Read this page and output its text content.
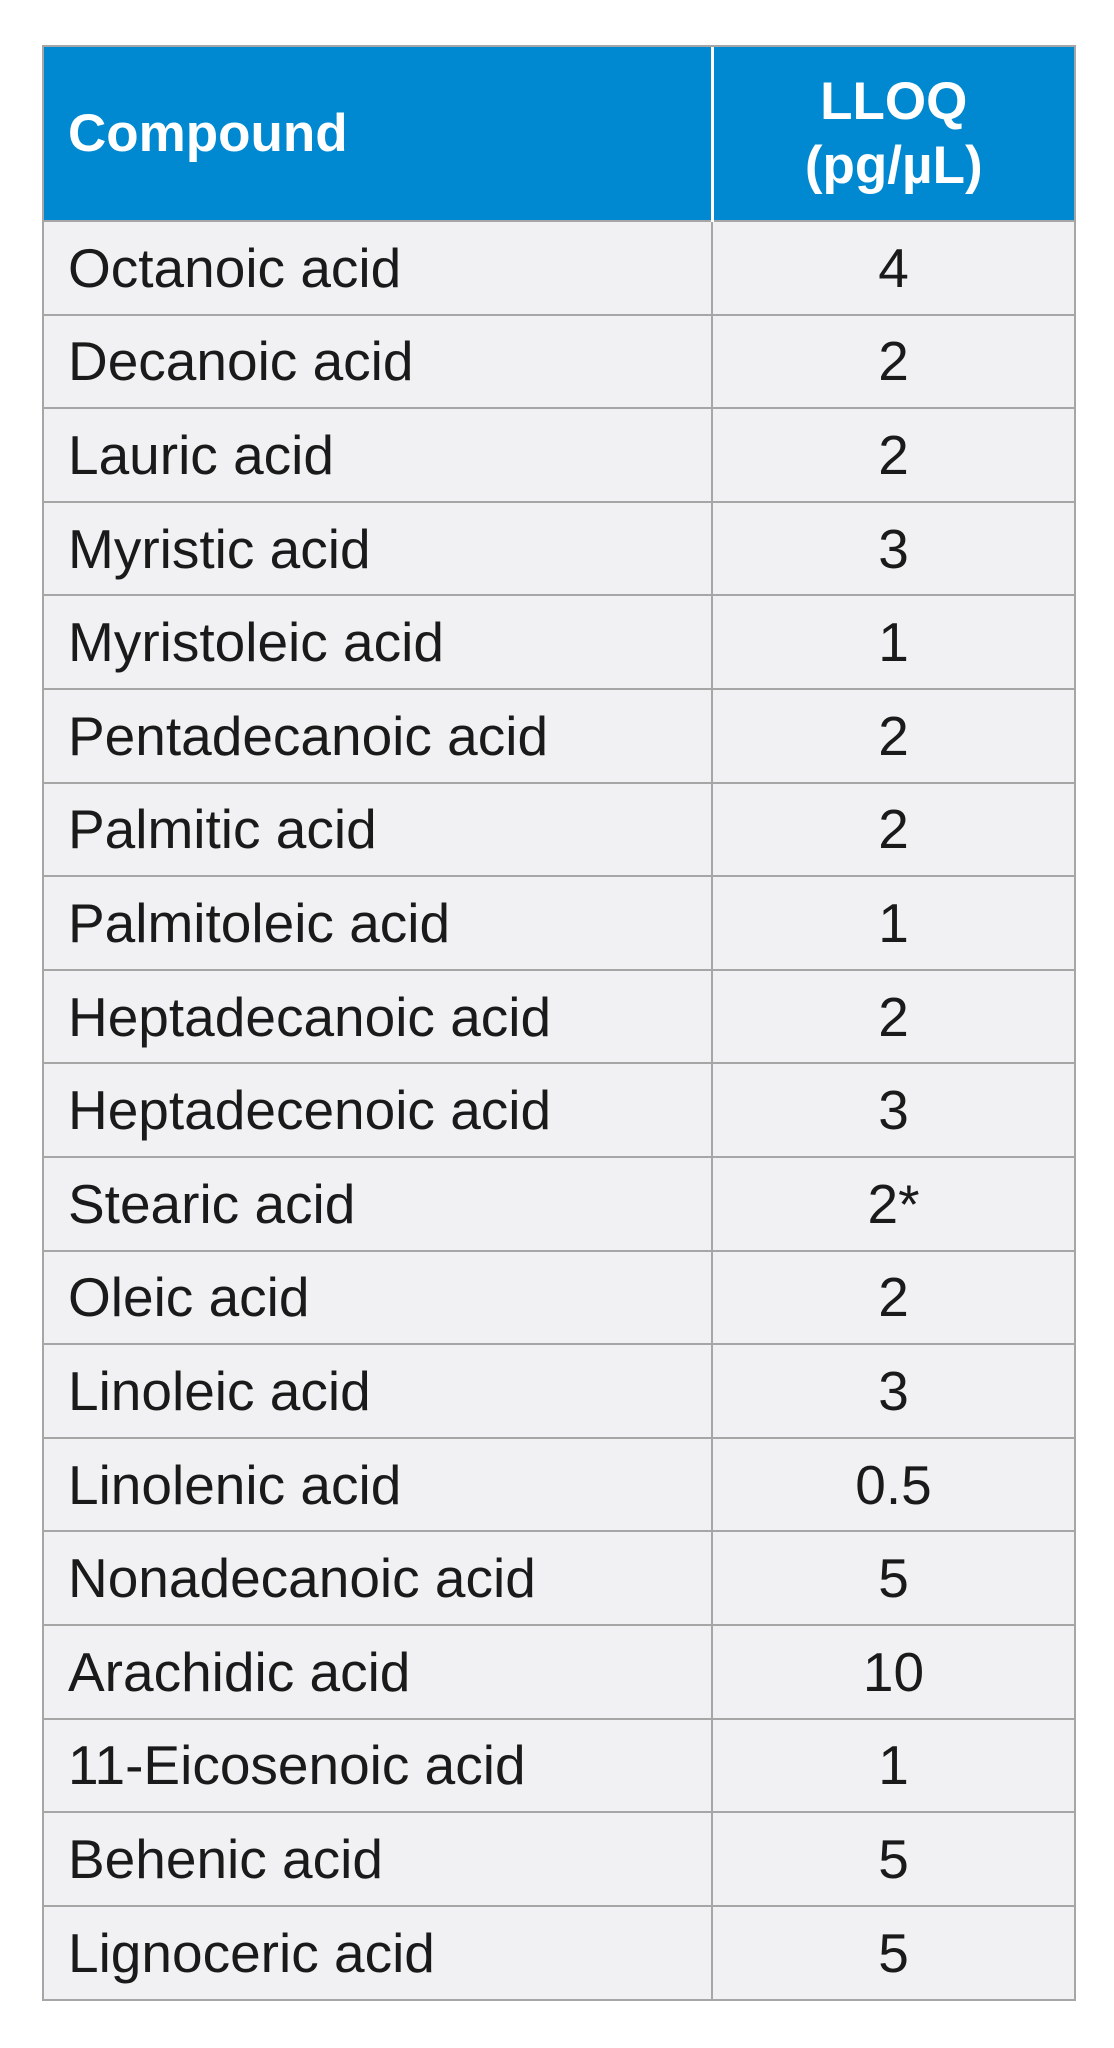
Compound	LLOQ
(pg/µL)

Octanoic acid	4
Decanoic acid	2
Lauric acid	2
Myristic acid	3
Myristoleic acid	1
Pentadecanoic acid	2
Palmitic acid	2
Palmitoleic acid	1
Heptadecanoic acid	2
Heptadecenoic acid	3
Stearic acid	2*
Oleic acid	2
Linoleic acid	3
Linolenic acid	0.5
Nonadecanoic acid	5
Arachidic acid	10
11-Eicosenoic acid	1
Behenic acid	5
Lignoceric acid	5
